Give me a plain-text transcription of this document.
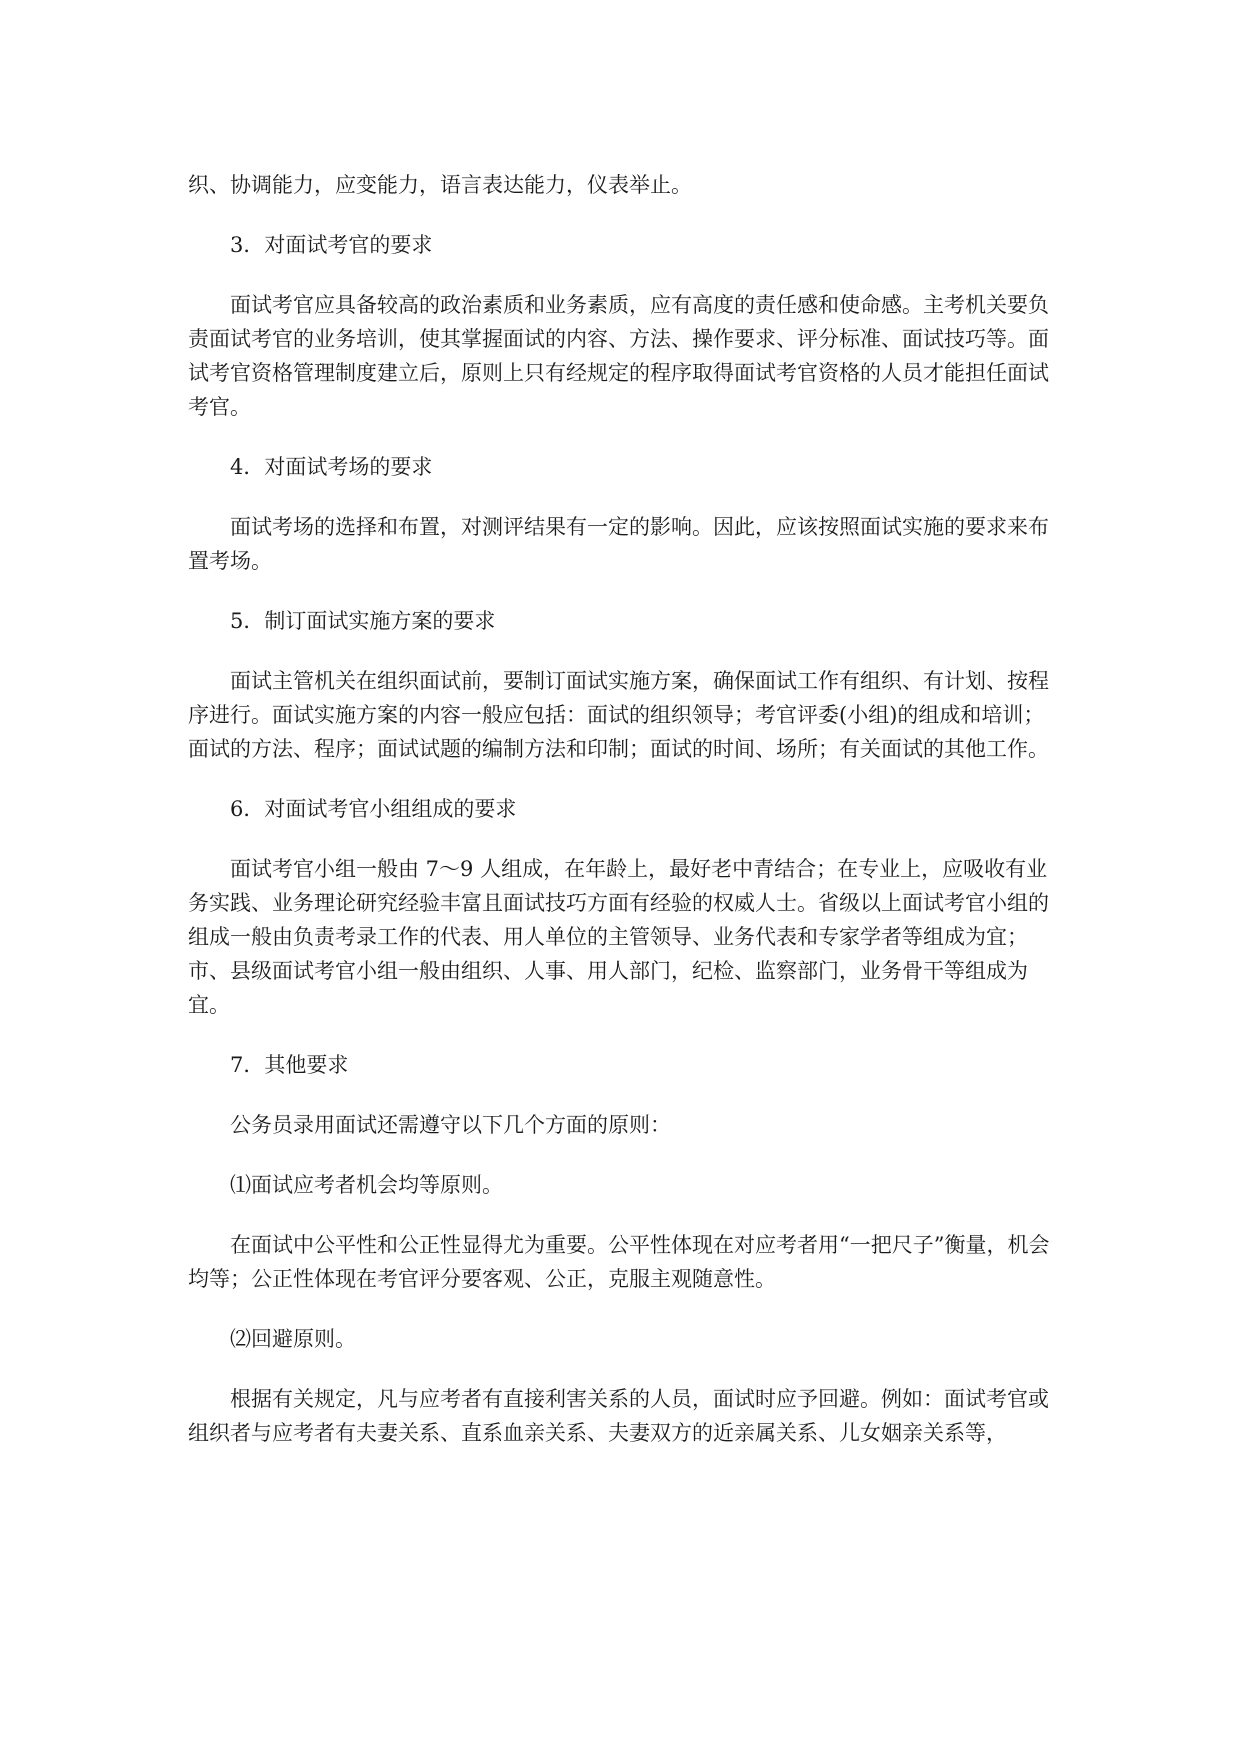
织、协调能力，应变能力，语言表达能力，仪表举止。

3．对面试考官的要求

面试考官应具备较高的政治素质和业务素质，应有高度的责任感和使命感。主考机关要负责面试考官的业务培训，使其掌握面试的内容、方法、操作要求、评分标准、面试技巧等。面试考官资格管理制度建立后，原则上只有经规定的程序取得面试考官资格的人员才能担任面试考官。

4．对面试考场的要求

面试考场的选择和布置，对测评结果有一定的影响。因此，应该按照面试实施的要求来布置考场。

5．制订面试实施方案的要求

面试主管机关在组织面试前，要制订面试实施方案，确保面试工作有组织、有计划、按程序进行。面试实施方案的内容一般应包括：面试的组织领导；考官评委(小组)的组成和培训；面试的方法、程序；面试试题的编制方法和印制；面试的时间、场所；有关面试的其他工作。

6．对面试考官小组组成的要求

面试考官小组一般由 7～9 人组成，在年龄上，最好老中青结合；在专业上，应吸收有业务实践、业务理论研究经验丰富且面试技巧方面有经验的权威人士。省级以上面试考官小组的组成一般由负责考录工作的代表、用人单位的主管领导、业务代表和专家学者等组成为宜；市、县级面试考官小组一般由组织、人事、用人部门，纪检、监察部门，业务骨干等组成为宜。

7．其他要求

公务员录用面试还需遵守以下几个方面的原则：

⑴面试应考者机会均等原则。

在面试中公平性和公正性显得尤为重要。公平性体现在对应考者用“一把尺子”衡量，机会均等；公正性体现在考官评分要客观、公正，克服主观随意性。

⑵回避原则。

根据有关规定，凡与应考者有直接利害关系的人员，面试时应予回避。例如：面试考官或组织者与应考者有夫妻关系、直系血亲关系、夫妻双方的近亲属关系、儿女姻亲关系等，
